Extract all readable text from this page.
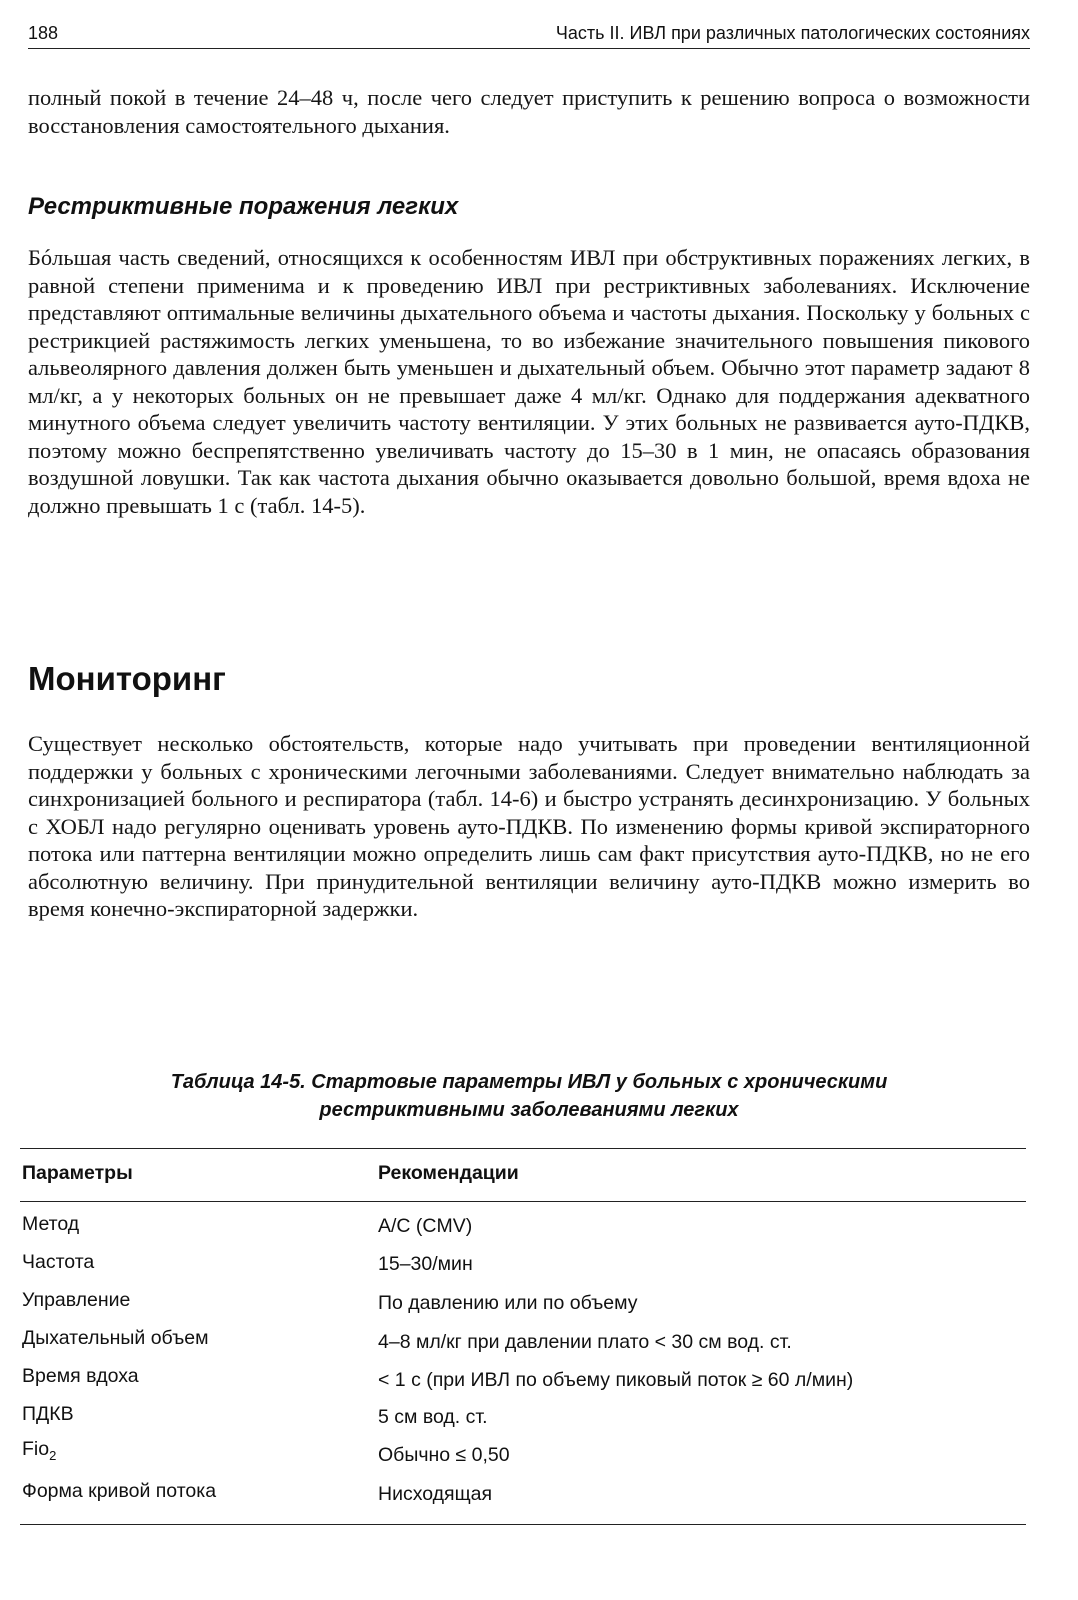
188	Часть II. ИВЛ при различных патологических состояниях

полный покой в течение 24–48 ч, после чего следует приступить к решению вопроса о возможности восстановления самостоятельного дыхания.

Рестриктивные поражения легких

Бóльшая часть сведений, относящихся к особенностям ИВЛ при обструктивных поражениях легких, в равной степени применима и к проведению ИВЛ при рестриктивных заболеваниях. Исключение представляют оптимальные величины дыхательного объема и частоты дыхания. Поскольку у больных с рестрикцией растяжимость легких уменьшена, то во избежание значительного повышения пикового альвеолярного давления должен быть уменьшен и дыхательный объем. Обычно этот параметр задают 8 мл/кг, а у некоторых больных он не превышает даже 4 мл/кг. Однако для поддержания адекватного минутного объема следует увеличить частоту вентиляции. У этих больных не развивается ауто-ПДКВ, поэтому можно беспрепятственно увеличивать частоту до 15–30 в 1 мин, не опасаясь образования воздушной ловушки. Так как частота дыхания обычно оказывается довольно большой, время вдоха не должно превышать 1 с (табл. 14-5).

Мониторинг

Существует несколько обстоятельств, которые надо учитывать при проведении вентиляционной поддержки у больных с хроническими легочными заболеваниями. Следует внимательно наблюдать за синхронизацией больного и респиратора (табл. 14-6) и быстро устранять десинхронизацию. У больных с ХОБЛ надо регулярно оценивать уровень ауто-ПДКВ. По изменению формы кривой экспираторного потока или паттерна вентиляции можно определить лишь сам факт присутствия ауто-ПДКВ, но не его абсолютную величину. При принудительной вентиляции величину ауто-ПДКВ можно измерить во время конечно-экспираторной задержки.

Таблица 14-5. Стартовые параметры ИВЛ у больных с хроническими
рестриктивными заболеваниями легких
Параметры	Рекомендации
Метод	A/C (CMV)
Частота	15–30/мин
Управление	По давлению или по объему
Дыхательный объем	4–8 мл/кг при давлении плато < 30 см вод. ст.
Время вдоха	< 1 с (при ИВЛ по объему пиковый поток ≥ 60 л/мин)
ПДКВ	5 см вод. ст.
Fio$_2$	Обычно ≤ 0,50
Форма кривой потока	Нисходящая
